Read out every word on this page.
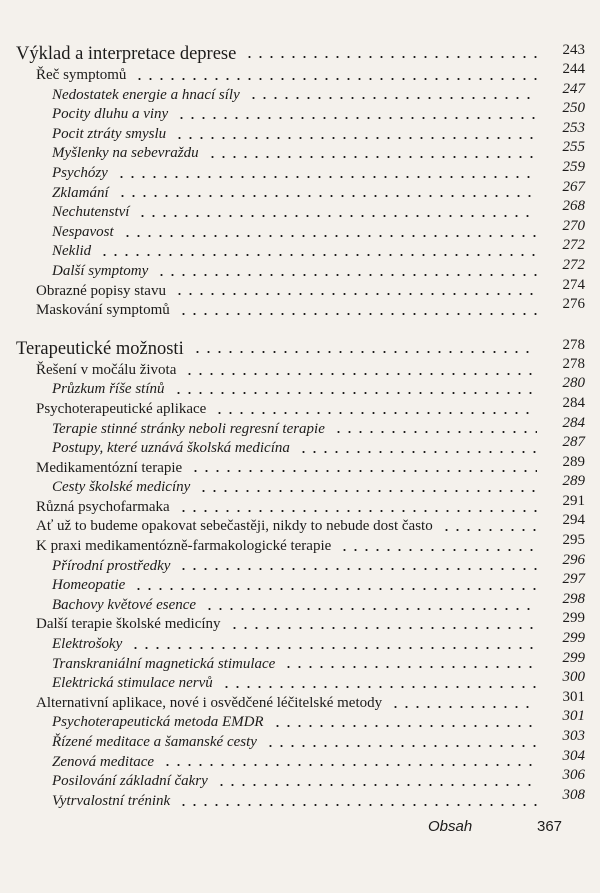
Výklad a interpretace deprese	243
Řeč symptomů	244
Nedostatek energie a hnací síly	247
Pocity dluhu a viny	250
Pocit ztráty smyslu	253
Myšlenky na sebevraždu	255
Psychózy	259
Zklamání	267
Nechutenství	268
Nespavost	270
Neklid	272
Další symptomy	272
Obrazné popisy stavu	274
Maskování symptomů	276
Terapeutické možnosti	278
Řešení v močálu života	278
Průzkum říše stínů	280
Psychoterapeutické aplikace	284
Terapie stinné stránky neboli regresní terapie	284
Postupy, které uznává školská medicína	287
Medikamentózní terapie	289
Cesty školské medicíny	289
Různá psychofarmaka	291
Ať už to budeme opakovat sebečastěji, nikdy to nebude dost často	294
K praxi medikamentózně-farmakologické terapie	295
Přírodní prostředky	296
Homeopatie	297
Bachovy květové esence	298
Další terapie školské medicíny	299
Elektrošoky	299
Transkraniální magnetická stimulace	299
Elektrická stimulace nervů	300
Alternativní aplikace, nové i osvědčené léčitelské metody	301
Psychoterapeutická metoda EMDR	301
Řízené meditace a šamanské cesty	303
Zenová meditace	304
Posilování základní čakry	306
Vytrvalostní trénink	308
Obsah	367
